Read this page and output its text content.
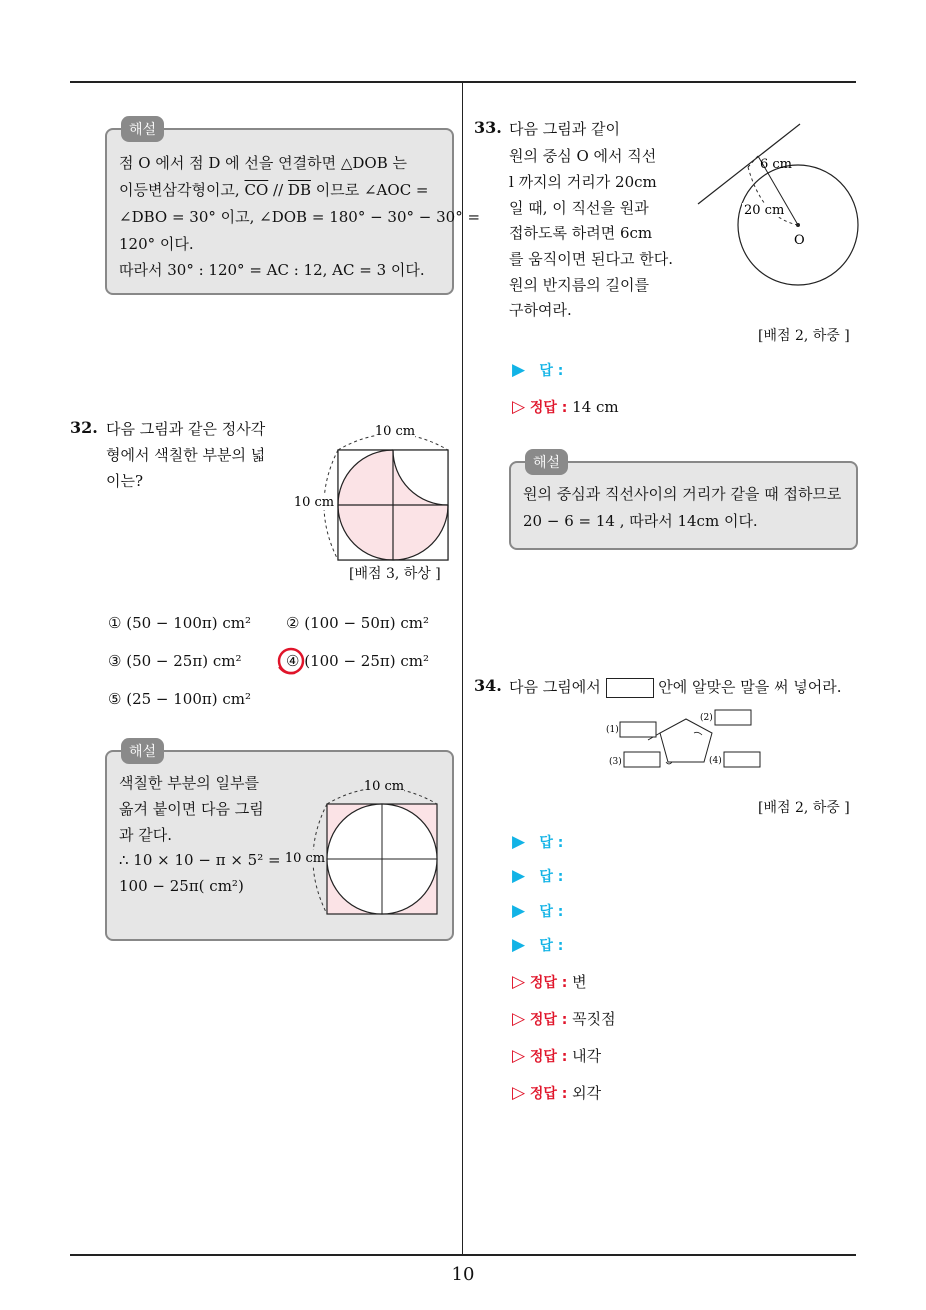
10
해설
점 O 에서 점 D 에 선을 연결하면 △DOB 는
이등변삼각형이고, $\overline{CO} // \overline{DB}$ 이므로 ∠AOC =
∠DBO = 30° 이고, ∠DOB = 180° − 30° − 30° =
120° 이다.
따라서 30° : 120° = AC : 12, AC = 3 이다.
32. 다음 그림과 같은 정사각
형에서 색칠한 부분의 넓
이는?
10 cm
10 cm
[배점 3, 하상 ]
① (50 − 100π) cm² ② (100 − 50π) cm²
③ (50 − 25π) cm²	④ (100 − 25π) cm²
⑤ (25 − 100π) cm²
해설
색칠한 부분의 일부를
옮겨 붙이면 다음 그림
과 같다.
∴ 10 × 10 − π × 5² =
100 − 25π( cm²)
10 cm
10 cm
33. 다음 그림과 같이
원의 중심 O 에서 직선
l 까지의 거리가 20cm
일 때, 이 직선을 원과
접하도록 하려면 6cm
를 움직이면 된다고 한다.
원의 반지름의 길이를
구하여라.
6 cm
20 cm
O
[배점 2, 하중 ]
▶ 답 :
▷ 정답 : 14 cm
해설
원의 중심과 직선사이의 거리가 같을 때 접하므로
20 − 6 = 14 , 따라서 14cm 이다.
34. 다음 그림에서	안에 알맞은 말을 써 넣어라.
(1)
(2)
(3)	(4)
[배점 2, 하중 ]
▶ 답 :
▶ 답 :
▶ 답 :
▶ 답 :
▷ 정답 : 변
▷ 정답 : 꼭짓점
▷ 정답 : 내각
▷ 정답 : 외각
